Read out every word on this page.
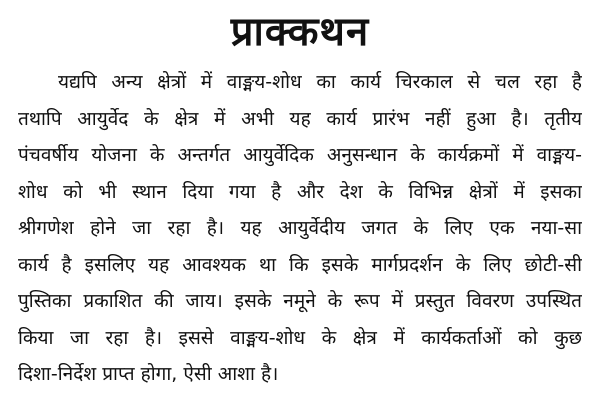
प्राक्कथन
यद्यपि अन्य क्षेत्रों में वाङ्मय-शोध का कार्य चिरकाल से चल रहा है
तथापि आयुर्वेद के क्षेत्र में अभी यह कार्य प्रारंभ नहीं हुआ है। तृतीय
पंचवर्षीय योजना के अन्तर्गत आयुर्वेदिक अनुसन्धान के कार्यक्रमों में वाङ्मय-
शोध को भी स्थान दिया गया है और देश के विभिन्न क्षेत्रों में इसका
श्रीगणेश होने जा रहा है। यह आयुर्वेदीय जगत के लिए एक नया-सा
कार्य है इसलिए यह आवश्यक था कि इसके मार्गप्रदर्शन के लिए छोटी-सी
पुस्तिका प्रकाशित की जाय। इसके नमूने के रूप में प्रस्तुत विवरण उपस्थित
किया जा रहा है। इससे वाङ्मय-शोध के क्षेत्र में कार्यकर्ताओं को कुछ
दिशा-निर्देश प्राप्त होगा, ऐसी आशा है।
